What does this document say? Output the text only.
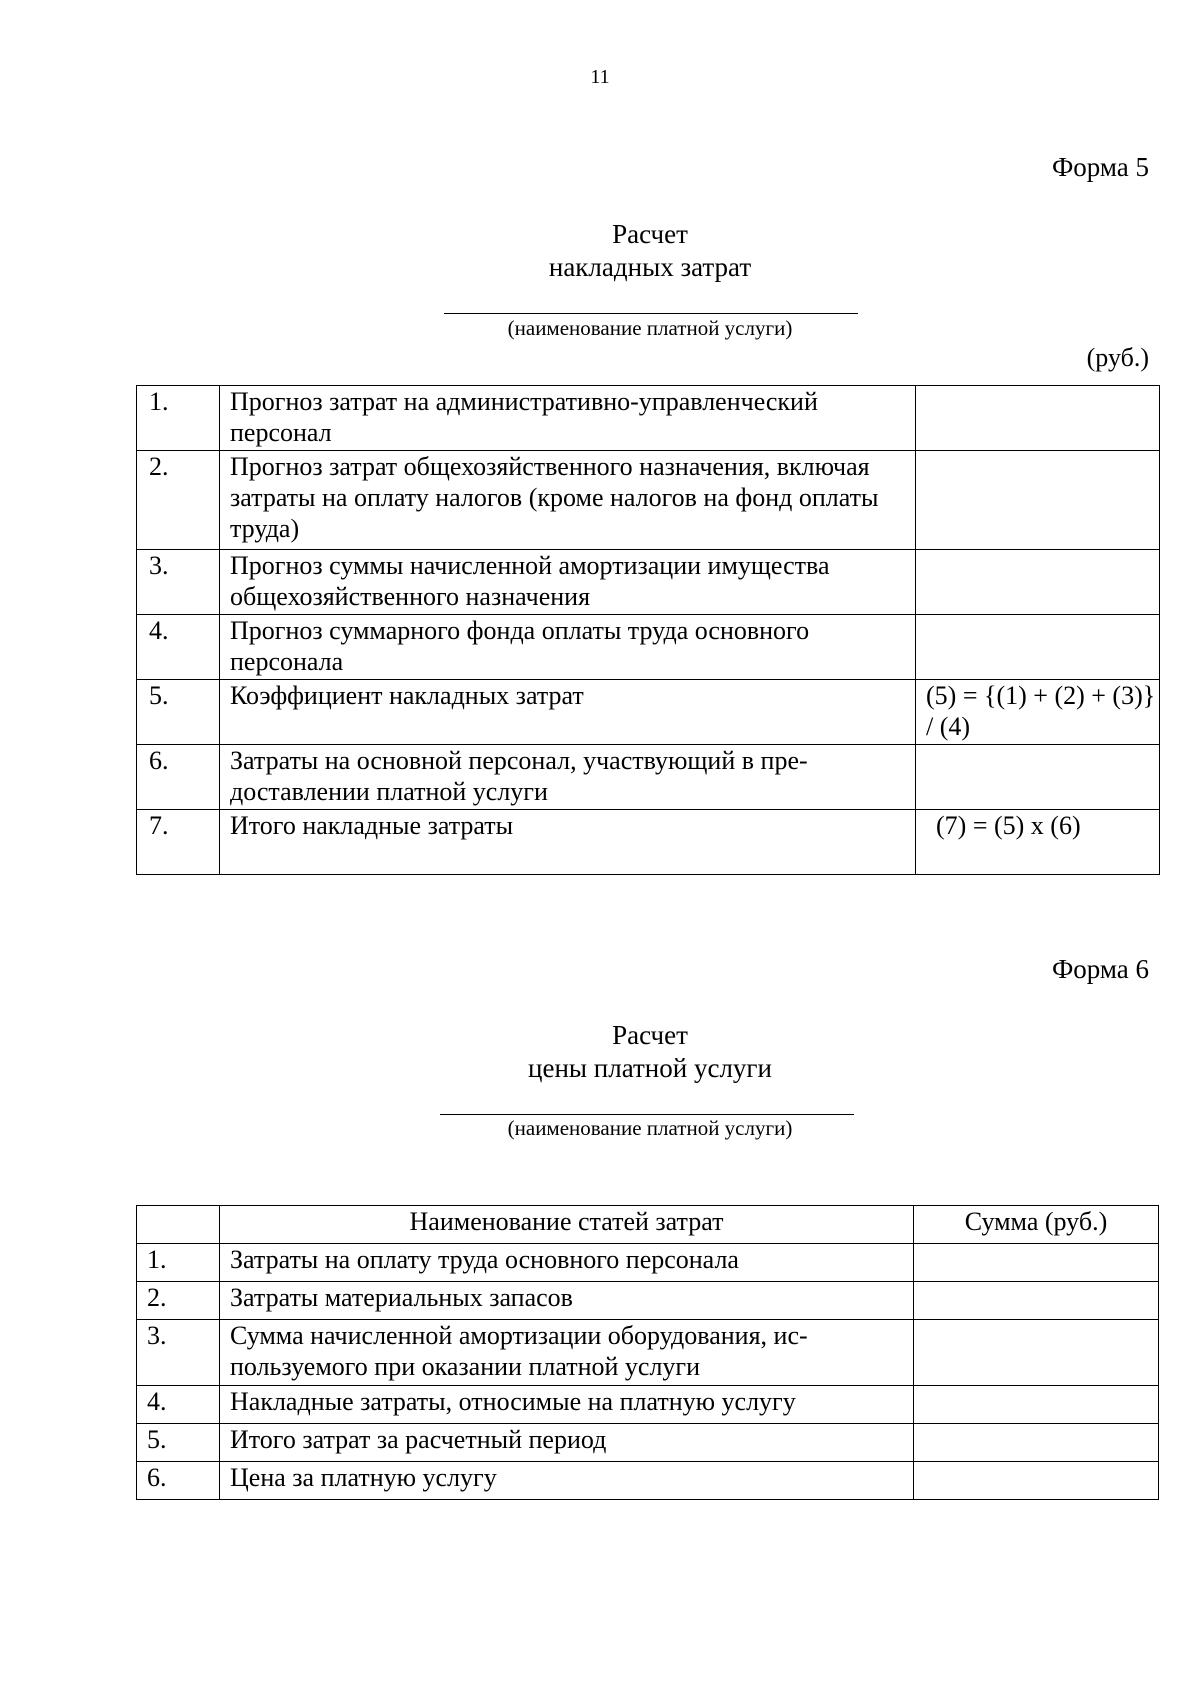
11
Форма 5
Расчет
накладных затрат
(наименование платной услуги)
(руб.)
1.	Прогноз затрат на административно-управленческий персонал	
2.	Прогноз затрат общехозяйственного назначения, включая затраты на оплату налогов (кроме налогов на фонд оплаты труда)	
3.	Прогноз суммы начисленной амортизации имущества общехозяйственного назначения	
4.	Прогноз суммарного фонда оплаты труда основного персонала	
5.	Коэффициент накладных затрат	(5) = {(1) + (2) + (3)} / (4)
6.	Затраты на основной персонал, участвующий в пре-доставлении платной услуги	
7.	Итого накладные затраты	(7) = (5) х (6)
Форма 6
Расчет
цены платной услуги
(наименование платной услуги)
	Наименование статей затрат	Сумма (руб.)
1.	Затраты на оплату труда основного персонала	
2.	Затраты материальных запасов	
3.	Сумма начисленной амортизации оборудования, ис-пользуемого при оказании платной услуги	
4.	Накладные затраты, относимые на платную услугу	
5.	Итого затрат за расчетный период	
6.	Цена за платную услугу	
